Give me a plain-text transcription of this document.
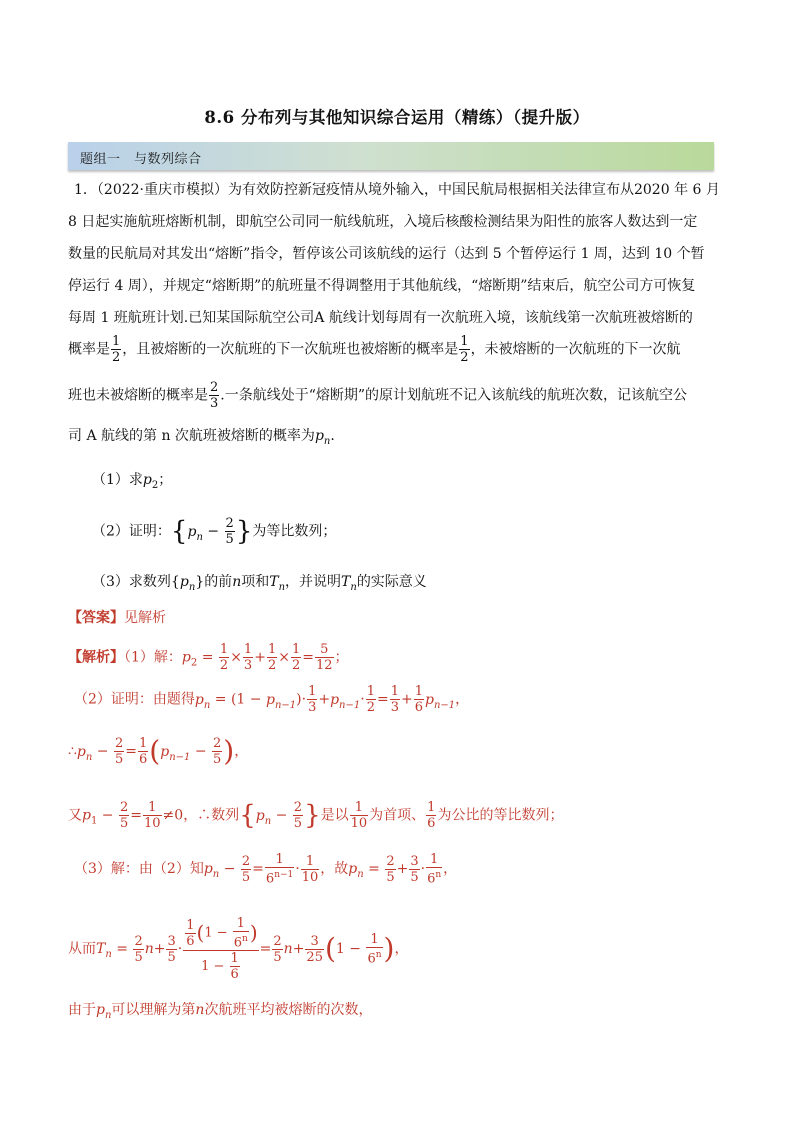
8.6 分布列与其他知识综合运用（精练）（提升版）
题组一　与数列综合
1．（2022·重庆市模拟）为有效防控新冠疫情从境外输入，中国民航局根据相关法律宣布从2020 年 6 月
8 日起实施航班熔断机制，即航空公司同一航线航班，入境后核酸检测结果为阳性的旅客人数达到一定
数量的民航局对其发出“熔断”指令，暂停该公司该航线的运行（达到 5 个暂停运行 1 周，达到 10 个暂
停运行 4 周），并规定“熔断期”的航班量不得调整用于其他航线，“熔断期”结束后，航空公司方可恢复
每周 1 班航班计划.已知某国际航空公司A 航线计划每周有一次航班入境，该航线第一次航班被熔断的
概率是 $\frac{1}{2}$ ，且被熔断的一次航班的下一次航班也被熔断的概率是 $\frac{1}{2}$ ，未被熔断的一次航班的下一次航
班也未被熔断的概率是 $\frac{2}{3}$ .一条航线处于“熔断期”的原计划航班不记入该航线的航班次数，记该航空公
司 A 航线的第 n 次航班被熔断的概率为$p_n$.
（1）求$p_2$；
（2）证明：{$p_n - \frac{2}{5}$ }为等比数列；
（3）求数列$\{p_n\}$的前n项和$T_n$，并说明$T_n$的实际意义
【答案】见解析
【解析】（1）解：$p_2 = \frac{1}{2} \times \frac{1}{3} + \frac{1}{2} \times \frac{1}{2} = \frac{5}{12}$ ；
（2）证明：由题得$p_n = (1 - p_{n-1})\cdot \frac{1}{3} +p_{n-1}\cdot \frac{1}{2} = \frac{1}{3} + \frac{1}{6} p_{n-1}$，
$\therefore p_n - \frac{2}{5} = \frac{1}{6} (p_{n-1} - \frac{2}{5}$ )，
又$p_1 - \frac{2}{5} = \frac{1}{10} \ne 0$，∴数列{$p_n - \frac{2}{5}$ }是以 $\frac{1}{10}$ 为首项、 $\frac{1}{6}$ 为公比的等比数列；
（3）解：由（2）知$p_n - \frac{2}{5} = \frac{1}{6^{n-1}} \cdot \frac{1}{10}$ ，故$p_n = \frac{2}{5} + \frac{3}{5} \cdot \frac{1}{6^n}$ ，
从而$T_n = \frac{2}{5} n+ \frac{3}{5} \cdot \frac{\frac{1}{6} (1 - \frac{1}{6^n} )}{1 - \frac{1}{6}} = \frac{2}{5} n+ \frac{3}{25} (1 - \frac{1}{6^n}$ )，
由于$p_n$可以理解为第n次航班平均被熔断的次数，
